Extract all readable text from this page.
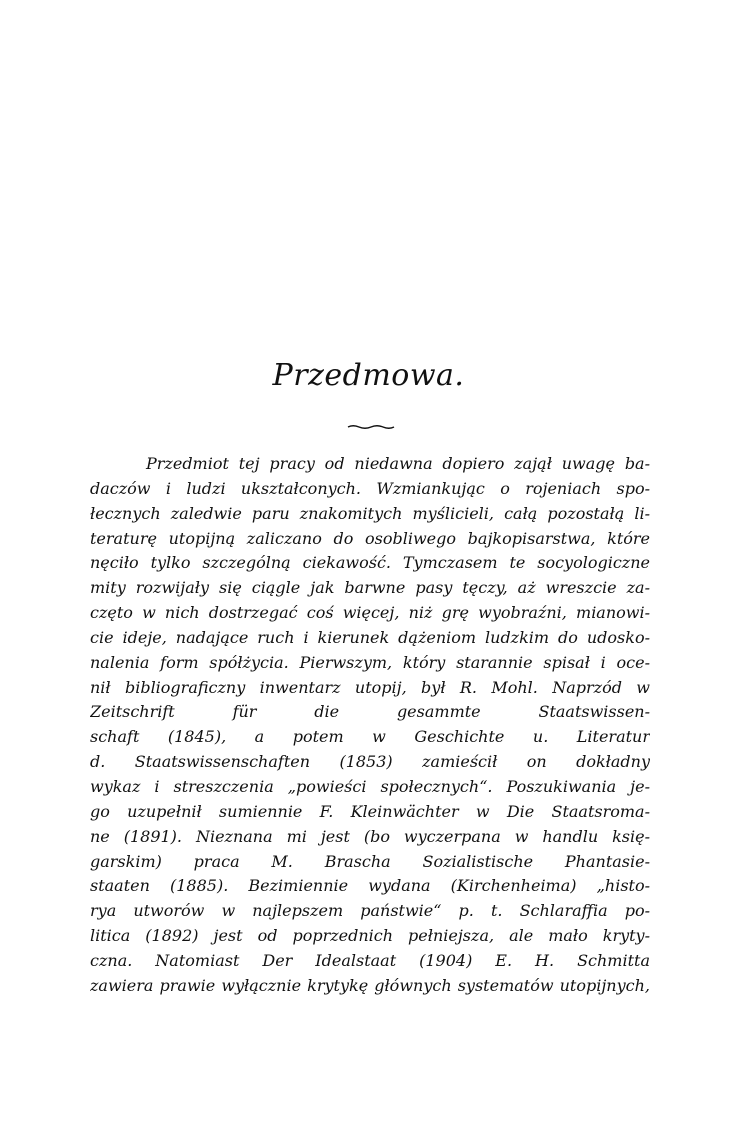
Przedmowa.
Przedmiot tej pracy od niedawna dopiero zajął uwagę ba-
daczów i ludzi ukształconych. Wzmiankując o rojeniach spo-
łecznych zaledwie paru znakomitych myślicieli, całą pozostałą li-
teraturę utopijną zaliczano do osobliwego bajkopisarstwa, które
nęciło tylko szczególną ciekawość. Tymczasem te socyologiczne
mity rozwijały się ciągle jak barwne pasy tęczy, aż wreszcie za-
częto w nich dostrzegać coś więcej, niż grę wyobraźni, mianowi-
cie ideje, nadające ruch i kierunek dążeniom ludzkim do udosko-
nalenia form spółżycia. Pierwszym, który starannie spisał i oce-
nił bibliograficzny inwentarz utopij, był R. Mohl. Naprzód w
Zeitschrift für die gesammte Staatswissen-
schaft (1845), a potem w Geschichte u. Literatur
d. Staatswissenschaften (1853) zamieścił on dokładny
wykaz i streszczenia „powieści społecznych“. Poszukiwania je-
go uzupełnił sumiennie F. Kleinwächter w Die Staatsroma-
ne (1891). Nieznana mi jest (bo wyczerpana w handlu księ-
garskim) praca M. Brascha Sozialistische Phantasie-
staaten (1885). Bezimiennie wydana (Kirchenheima) „histo-
rya utworów w najlepszem państwie“ p. t. Schlaraffia po-
litica (1892) jest od poprzednich pełniejsza, ale mało kryty-
czna. Natomiast Der Idealstaat (1904) E. H. Schmitta
zawiera prawie wyłącznie krytykę głównych systematów utopijnych,
